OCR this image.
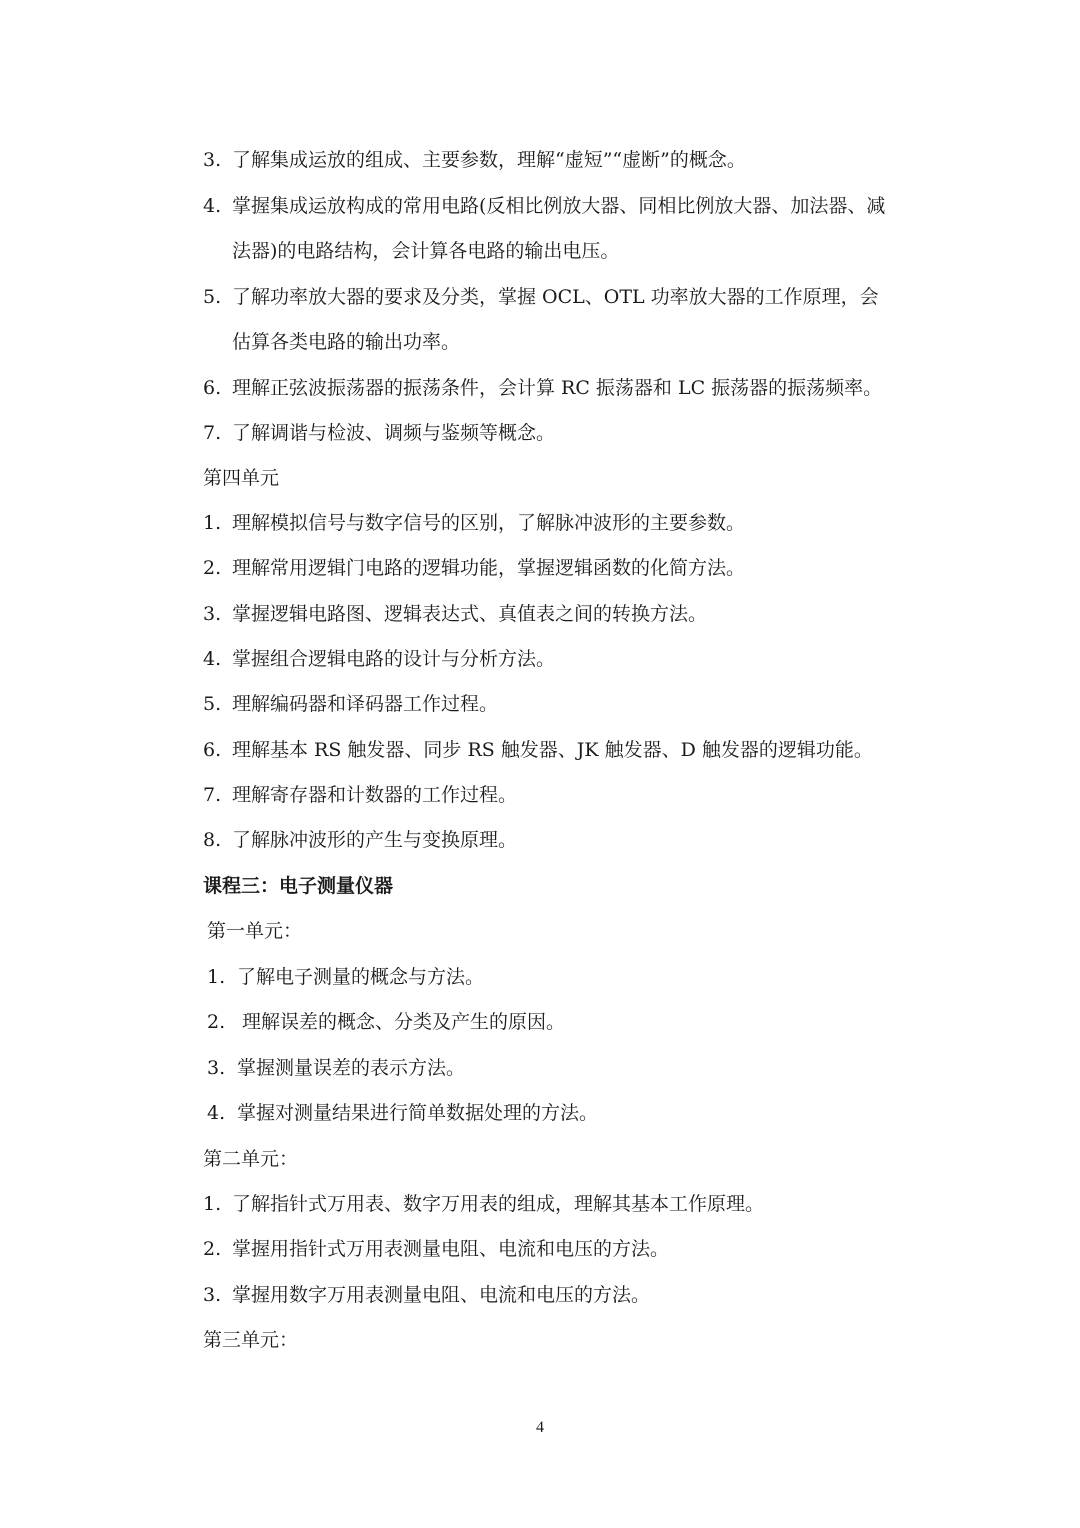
3. 了解集成运放的组成、主要参数，理解“虚短”“虚断”的概念。
4. 掌握集成运放构成的常用电路(反相比例放大器、同相比例放大器、加法器、减
法器)的电路结构，会计算各电路的输出电压。
5. 了解功率放大器的要求及分类，掌握 OCL、OTL 功率放大器的工作原理，会
估算各类电路的输出功率。
6. 理解正弦波振荡器的振荡条件，会计算 RC 振荡器和 LC 振荡器的振荡频率。
7. 了解调谐与检波、调频与鉴频等概念。
第四单元
1. 理解模拟信号与数字信号的区别，了解脉冲波形的主要参数。
2. 理解常用逻辑门电路的逻辑功能，掌握逻辑函数的化简方法。
3. 掌握逻辑电路图、逻辑表达式、真值表之间的转换方法。
4. 掌握组合逻辑电路的设计与分析方法。
5. 理解编码器和译码器工作过程。
6. 理解基本 RS 触发器、同步 RS 触发器、JK 触发器、D 触发器的逻辑功能。
7. 理解寄存器和计数器的工作过程。
8. 了解脉冲波形的产生与变换原理。
课程三：电子测量仪器
第一单元：
1. 了解电子测量的概念与方法。
2. 理解误差的概念、分类及产生的原因。
3. 掌握测量误差的表示方法。
4. 掌握对测量结果进行简单数据处理的方法。
第二单元：
1. 了解指针式万用表、数字万用表的组成，理解其基本工作原理。
2. 掌握用指针式万用表测量电阻、电流和电压的方法。
3. 掌握用数字万用表测量电阻、电流和电压的方法。
第三单元：
4
